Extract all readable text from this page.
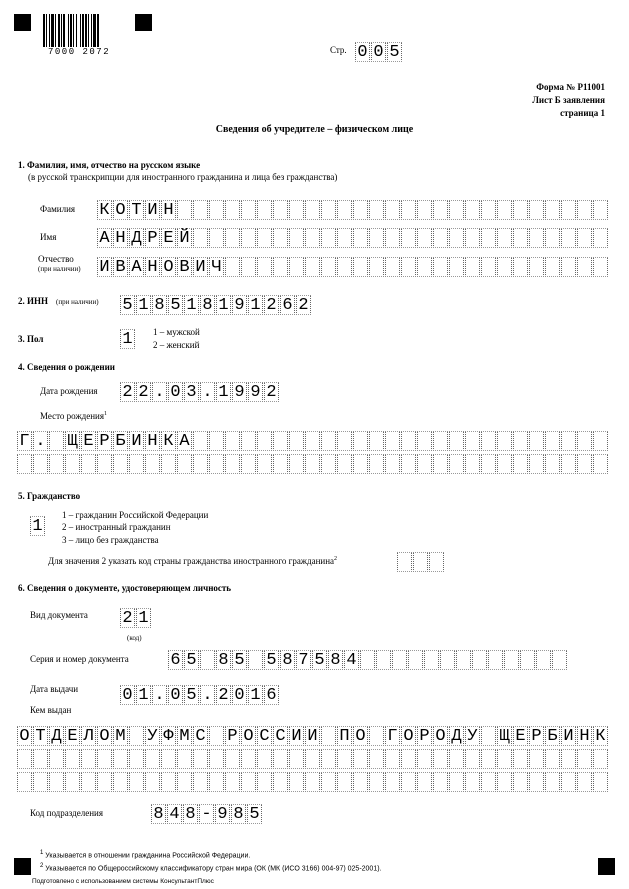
7000 2072	Стр. 0 0 5
Форма № Р11001
Лист Б заявления
страница 1
Сведения об учредителе – физическом лице
1. Фамилия, имя, отчество на русском языке
(в русской транскрипции для иностранного гражданина и лица без гражданства)
Фамилия К О Т И Н
Имя	А Н Д Р Е Й
Отчество
(при наличии) И В А Н О В И Ч
2. ИНН (при наличии) 5 1 8 5 1 8 1 9 1 2 6 2
3. Пол	1 1 – мужской
2 – женский
4. Сведения о рождении
Дата рождения 2 2 . 0 3 . 1 9 9 2
Место рождения$^1$
Г . Щ Е Р Б И Н К А
5. Гражданство
1
1 – гражданин Российской Федерации
2 – иностранный гражданин
3 – лицо без гражданства
Для значения 2 указать код страны гражданства иностранного гражданина$^2$
6. Сведения о документе, удостоверяющем личность
Вид документа 2 1
(код)
Серия и номер документа 6 5 8 5 5 8 7 5 8 4
Дата выдачи	0 1 . 0 5 . 2 0 1 6
Кем выдан
О Т Д Е Л О М У Ф М С Р О С С И И П О Г О Р О Д У Щ Е Р Б И Н К
Код подразделения	8 4 8 - 9 8 5
$^1$ Указывается в отношении гражданина Российской Федерации.
$^2$ Указывается по Общероссийскому классификатору стран мира (ОК (МК (ИСО 3166) 004-97) 025-2001).
Подготовлено с использованием системы КонсультантПлюс
